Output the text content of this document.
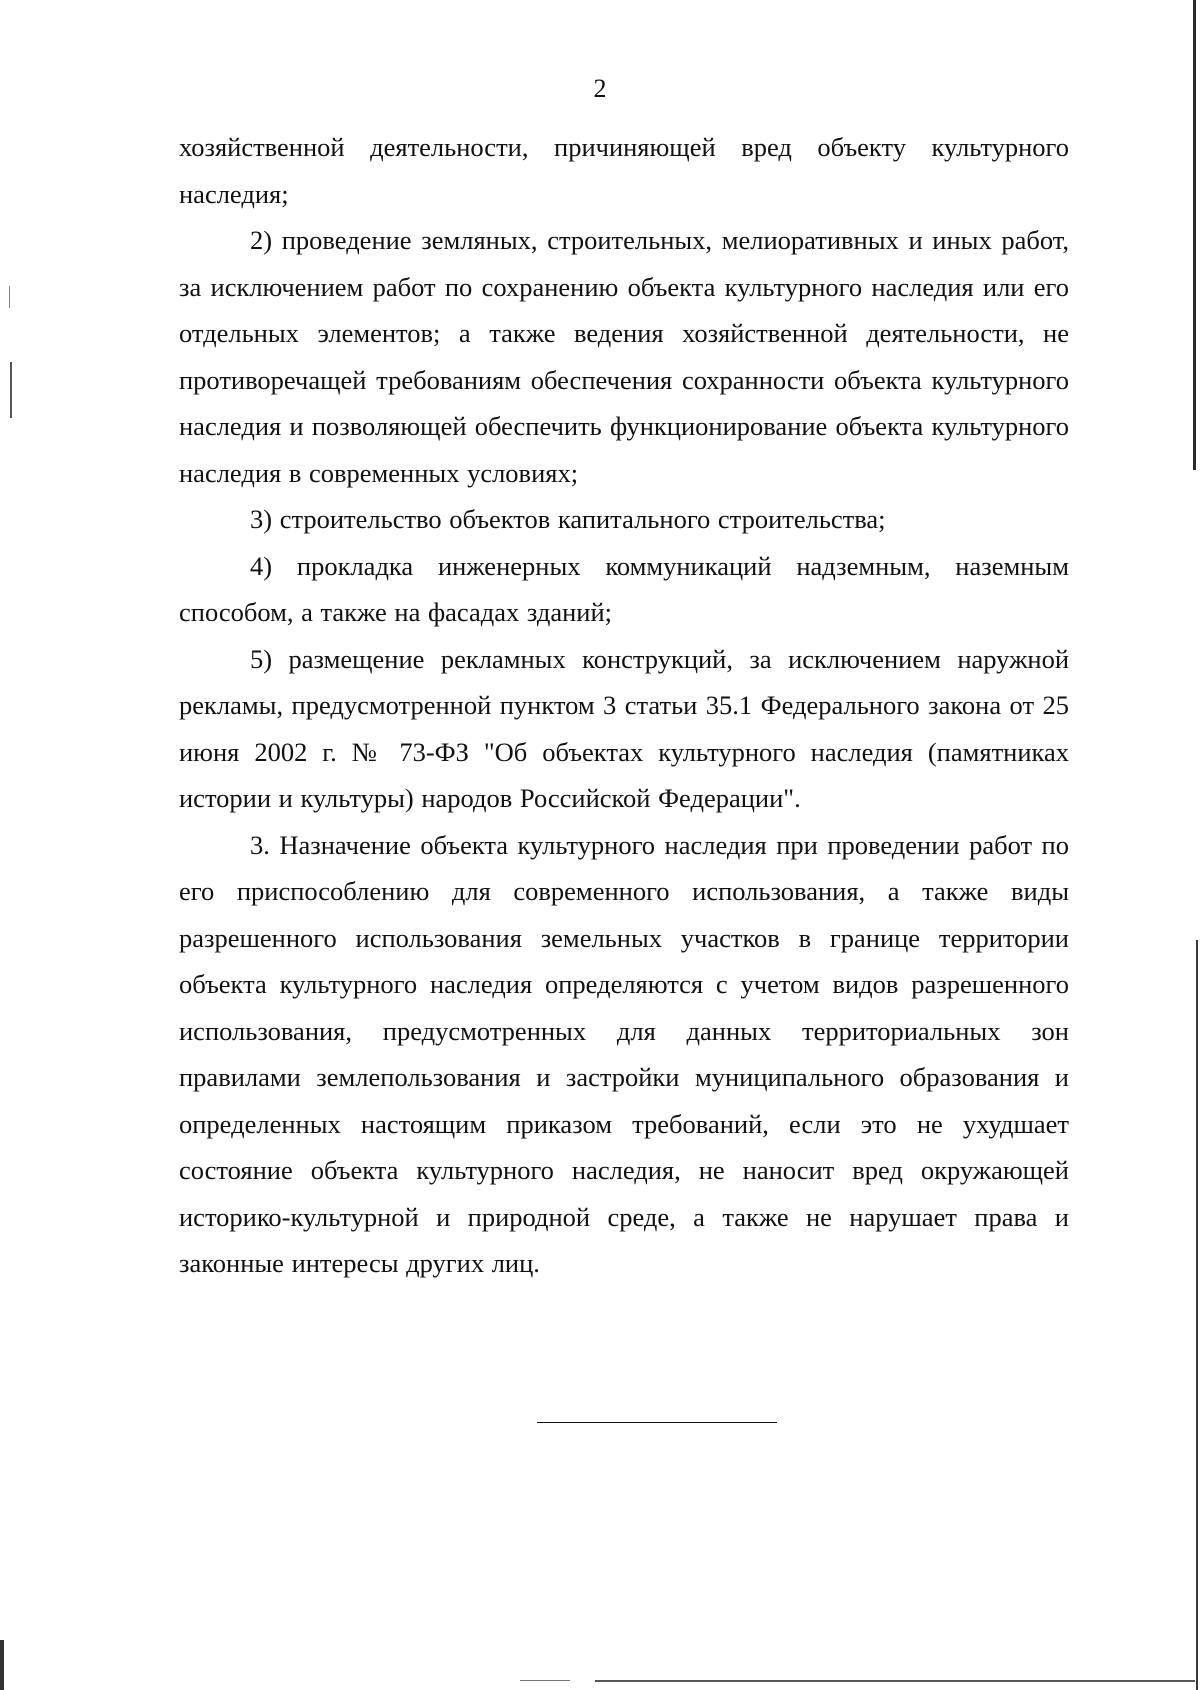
2

хозяйственной деятельности, причиняющей вред объекту культурного наследия;

2) проведение земляных, строительных, мелиоративных и иных работ, за исключением работ по сохранению объекта культурного наследия или его отдельных элементов; а также ведения хозяйственной деятельности, не противоречащей требованиям обеспечения сохранности объекта культурного наследия и позволяющей обеспечить функционирование объекта культурного наследия в современных условиях;

3) строительство объектов капитального строительства;

4) прокладка инженерных коммуникаций надземным, наземным способом, а также на фасадах зданий;

5) размещение рекламных конструкций, за исключением наружной рекламы, предусмотренной пунктом 3 статьи 35.1 Федерального закона от 25 июня 2002 г. № 73-ФЗ "Об объектах культурного наследия (памятниках истории и культуры) народов Российской Федерации".

3. Назначение объекта культурного наследия при проведении работ по его приспособлению для современного использования, а также виды разрешенного использования земельных участков в границе территории объекта культурного наследия определяются с учетом видов разрешенного использования, предусмотренных для данных территориальных зон правилами землепользования и застройки муниципального образования и определенных настоящим приказом требований, если это не ухудшает состояние объекта культурного наследия, не наносит вред окружающей историко-культурной и природной среде, а также не нарушает права и законные интересы других лиц.
